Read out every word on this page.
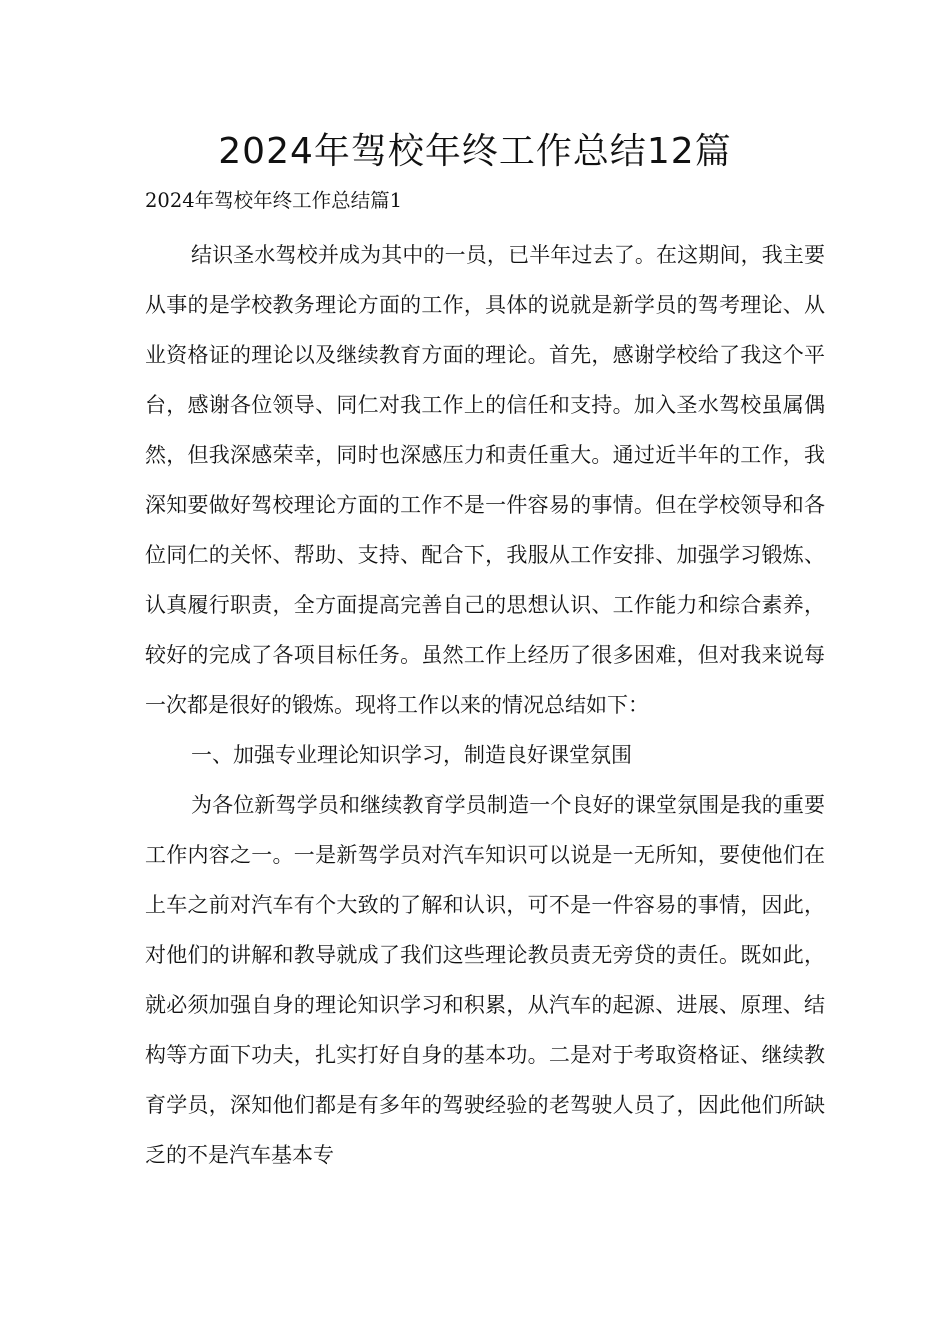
2024年驾校年终工作总结12篇
2024年驾校年终工作总结篇1

结识圣水驾校并成为其中的一员，已半年过去了。在这期间，我主要从事的是学校教务理论方面的工作，具体的说就是新学员的驾考理论、从业资格证的理论以及继续教育方面的理论。首先，感谢学校给了我这个平台，感谢各位领导、同仁对我工作上的信任和支持。加入圣水驾校虽属偶然，但我深感荣幸，同时也深感压力和责任重大。通过近半年的工作，我深知要做好驾校理论方面的工作不是一件容易的事情。但在学校领导和各位同仁的关怀、帮助、支持、配合下，我服从工作安排、加强学习锻炼、认真履行职责，全方面提高完善自己的思想认识、工作能力和综合素养，较好的完成了各项目标任务。虽然工作上经历了很多困难，但对我来说每一次都是很好的锻炼。现将工作以来的情况总结如下：

一、加强专业理论知识学习，制造良好课堂氛围

为各位新驾学员和继续教育学员制造一个良好的课堂氛围是我的重要工作内容之一。一是新驾学员对汽车知识可以说是一无所知，要使他们在上车之前对汽车有个大致的了解和认识，可不是一件容易的事情，因此，对他们的讲解和教导就成了我们这些理论教员责无旁贷的责任。既如此，就必须加强自身的理论知识学习和积累，从汽车的起源、进展、原理、结构等方面下功夫，扎实打好自身的基本功。二是对于考取资格证、继续教育学员，深知他们都是有多年的驾驶经验的老驾驶人员了，因此他们所缺乏的不是汽车基本专
